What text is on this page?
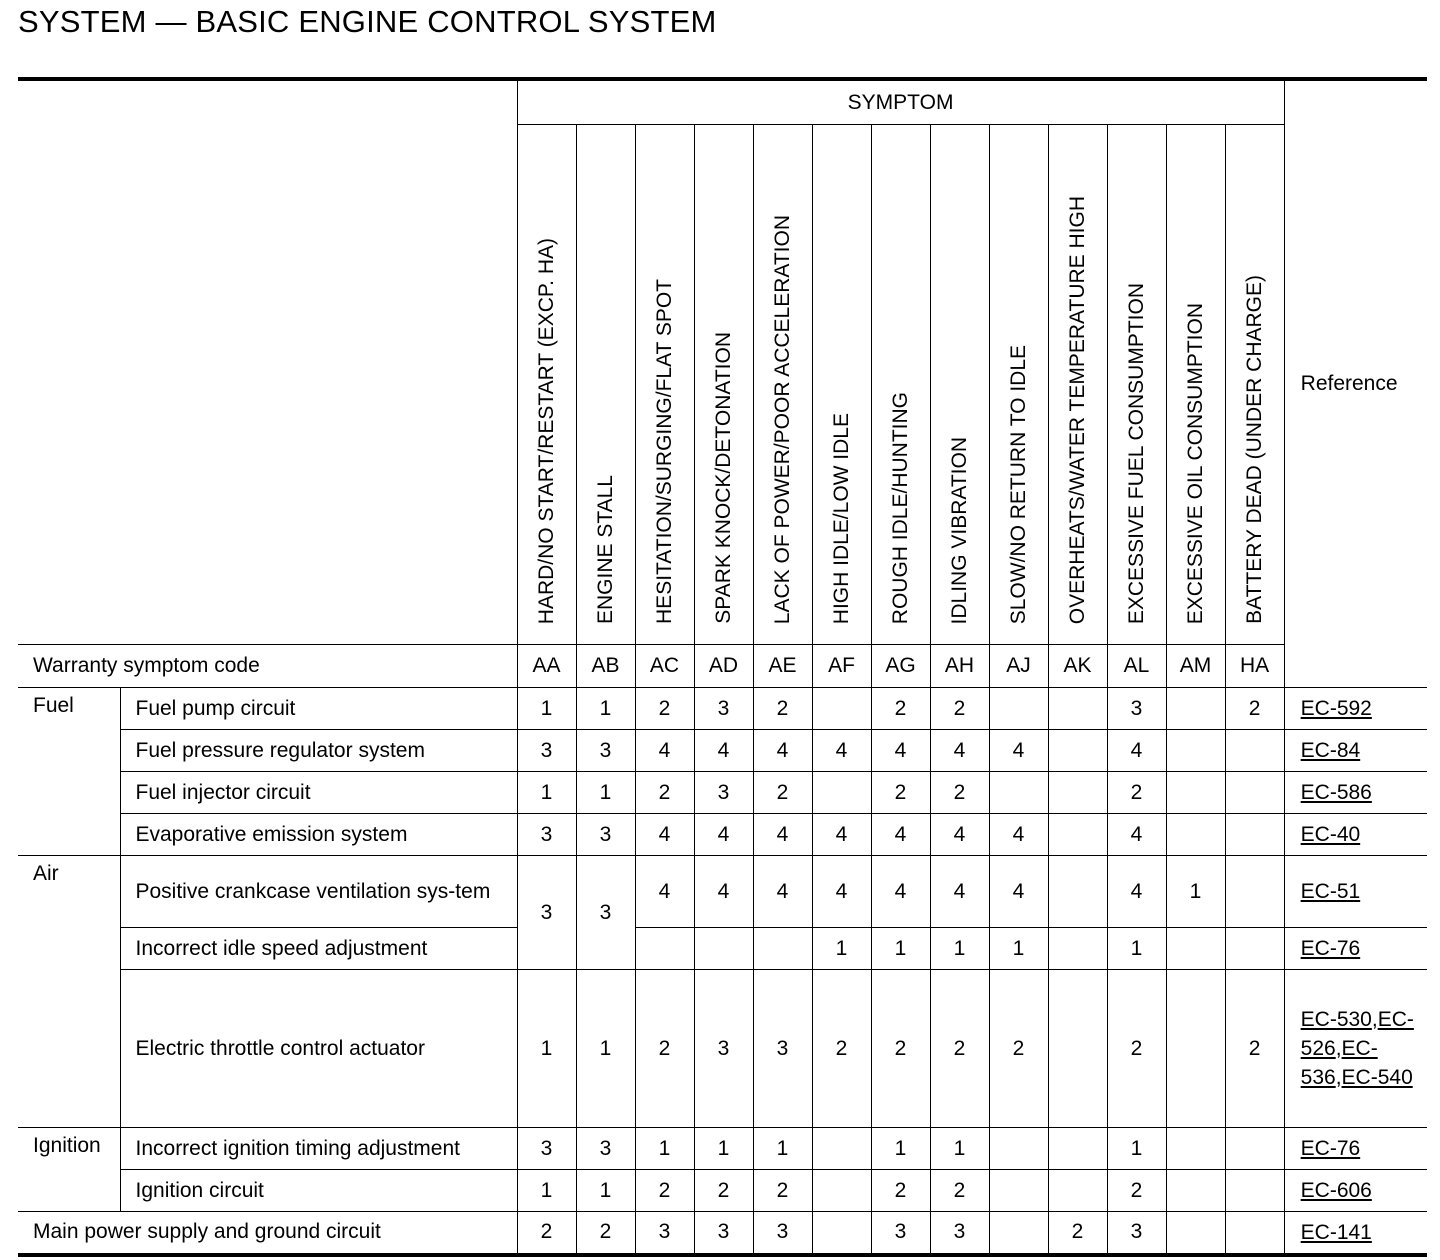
SYSTEM — BASIC ENGINE CONTROL SYSTEM
		SYMPTOM													Reference
		HARD/NO START/RESTART (EXCP. HA)	ENGINE STALL	HESITATION/SURGING/FLAT SPOT	SPARK KNOCK/DETONATION	LACK OF POWER/POOR ACCELERATION	HIGH IDLE/LOW IDLE	ROUGH IDLE/HUNTING	IDLING VIBRATION	SLOW/NO RETURN TO IDLE	OVERHEATS/WATER TEMPERATURE HIGH	EXCESSIVE FUEL CONSUMPTION	EXCESSIVE OIL CONSUMPTION	BATTERY DEAD (UNDER CHARGE)	
Warranty symptom code		AA	AB	AC	AD	AE	AF	AG	AH	AJ	AK	AL	AM	HA	
Fuel	Fuel pump circuit	1	1	2	3	2		2	2			3		2	EC-592
	Fuel pressure regulator system	3	3	4	4	4	4	4	4	4		4			EC-84
	Fuel injector circuit	1	1	2	3	2		2	2			2			EC-586
	Evaporative emission system	3	3	4	4	4	4	4	4	4		4			EC-40
Air	Positive crankcase ventilation sys-tem	3	3	4	4	4	4	4	4	4		4	1		EC-51
	Incorrect idle speed adjustment						1	1	1	1		1			EC-76
	Electric throttle control actuator	1	1	2	3	3	2	2	2	2		2		2	EC-530,EC-526,EC-536,EC-540
Ignition	Incorrect ignition timing adjustment	3	3	1	1	1		1	1			1			EC-76
	Ignition circuit	1	1	2	2	2		2	2			2			EC-606
Main power supply and ground circuit		2	2	3	3	3		3	3		2	3			EC-141
